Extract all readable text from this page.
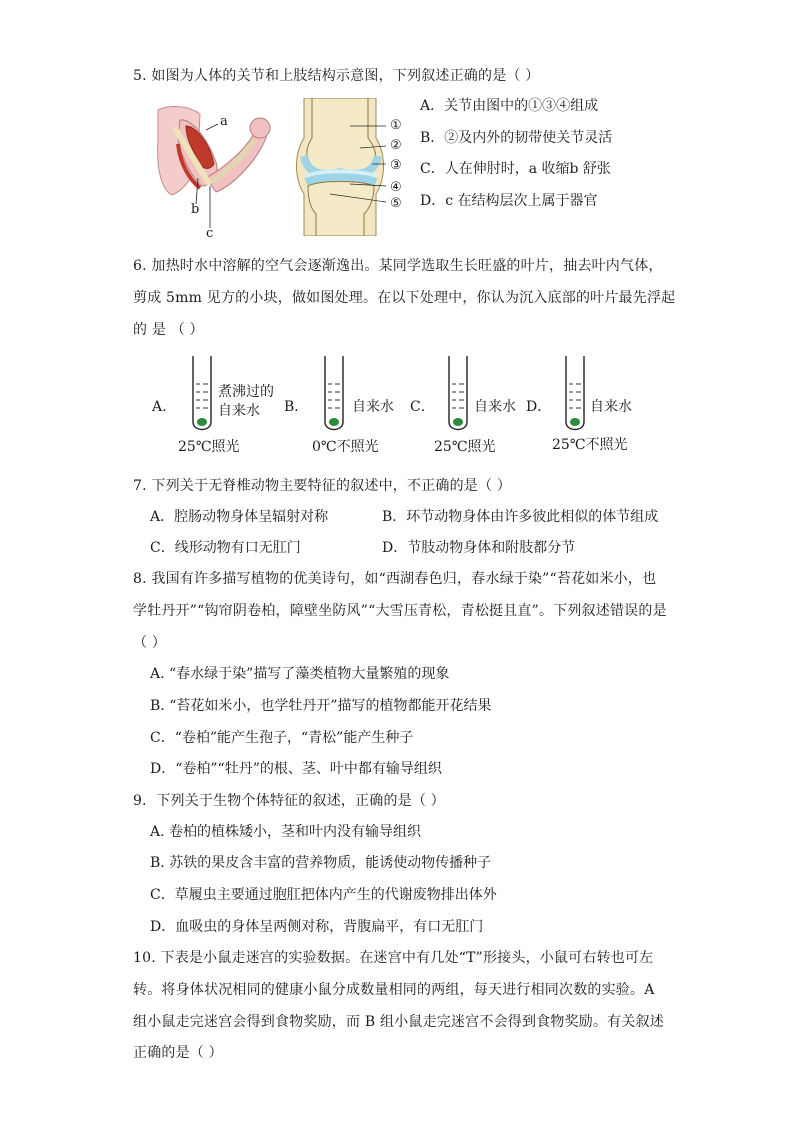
5. 如图为人体的关节和上肢结构示意图，下列叙述正确的是（ ）
a
b
c
①
②
③
④
⑤
A．关节由图中的①③④组成
B．②及内外的韧带使关节灵活
C．人在伸肘时，a 收缩b 舒张
D．c 在结构层次上属于器官
6. 加热时水中溶解的空气会逐渐逸出。某同学选取生长旺盛的叶片，抽去叶内气体，
剪成 5mm 见方的小块，做如图处理。在以下处理中，你认为沉入底部的叶片最先浮起
的 是 （ ）
A.
煮沸过的
自来水
25℃照光
B．	自来水
0℃不照光
C．	自来水
25℃照光
D．	自来水
25℃不照光
7. 下列关于无脊椎动物主要特征的叙述中，不正确的是（ ）
A．腔肠动物身体呈辐射对称	B．环节动物身体由许多彼此相似的体节组成
C．线形动物有口无肛门	D．节肢动物身体和附肢都分节
8. 我国有许多描写植物的优美诗句，如“西湖春色归，春水绿于染”“苔花如米小，也
学牡丹开”“钩帘阴卷柏，障壁坐防风”“大雪压青松，青松挺且直”。下列叙述错误的是
（ ）
A. “春水绿于染”描写了藻类植物大量繁殖的现象
B. “苔花如米小，也学牡丹开”描写的植物都能开花结果
C．“卷柏”能产生孢子，“青松”能产生种子
D．“卷柏”“牡丹”的根、茎、叶中都有输导组织
9．下列关于生物个体特征的叙述，正确的是（ ）
A. 卷柏的植株矮小，茎和叶内没有输导组织
B. 苏铁的果皮含丰富的营养物质，能诱使动物传播种子
C．草履虫主要通过胞肛把体内产生的代谢废物排出体外
D．血吸虫的身体呈两侧对称，背腹扁平，有口无肛门
10. 下表是小鼠走迷宫的实验数据。在迷宫中有几处“T”形接头，小鼠可右转也可左
转。将身体状况相同的健康小鼠分成数量相同的两组，每天进行相同次数的实验。A
组小鼠走完迷宫会得到食物奖励，而 B 组小鼠走完迷宫不会得到食物奖励。有关叙述
正确的是（ ）
